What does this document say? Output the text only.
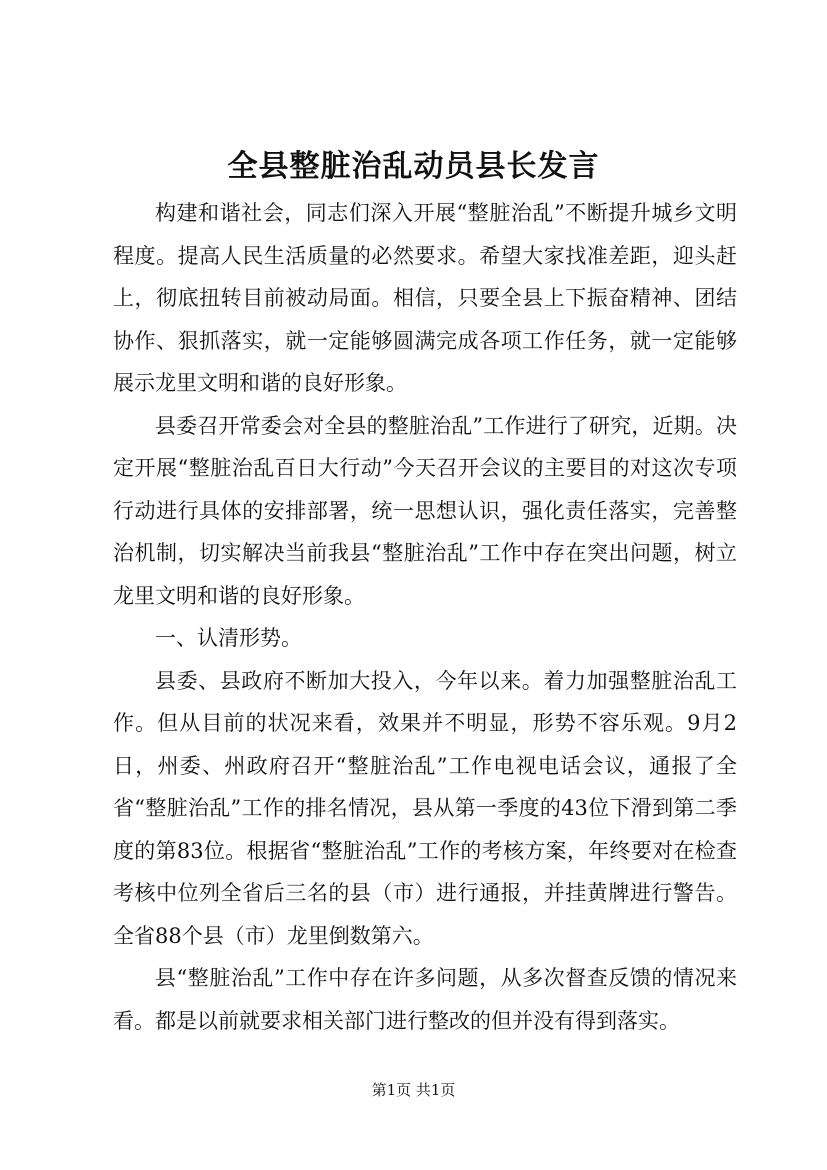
全县整脏治乱动员县长发言

构建和谐社会，同志们深入开展“整脏治乱”不断提升城乡文明程度。提高人民生活质量的必然要求。希望大家找准差距，迎头赶上，彻底扭转目前被动局面。相信，只要全县上下振奋精神、团结协作、狠抓落实，就一定能够圆满完成各项工作任务，就一定能够展示龙里文明和谐的良好形象。

县委召开常委会对全县的整脏治乱”工作进行了研究，近期。决定开展“整脏治乱百日大行动”今天召开会议的主要目的对这次专项行动进行具体的安排部署，统一思想认识，强化责任落实，完善整治机制，切实解决当前我县“整脏治乱”工作中存在突出问题，树立龙里文明和谐的良好形象。

一、认清形势。

县委、县政府不断加大投入，今年以来。着力加强整脏治乱工作。但从目前的状况来看，效果并不明显，形势不容乐观。9月2日，州委、州政府召开“整脏治乱”工作电视电话会议，通报了全省“整脏治乱”工作的排名情况，县从第一季度的43位下滑到第二季度的第83位。根据省“整脏治乱”工作的考核方案，年终要对在检查考核中位列全省后三名的县（市）进行通报，并挂黄牌进行警告。全省88个县（市）龙里倒数第六。

县“整脏治乱”工作中存在许多问题，从多次督查反馈的情况来看。都是以前就要求相关部门进行整改的但并没有得到落实。

第1页 共1页
